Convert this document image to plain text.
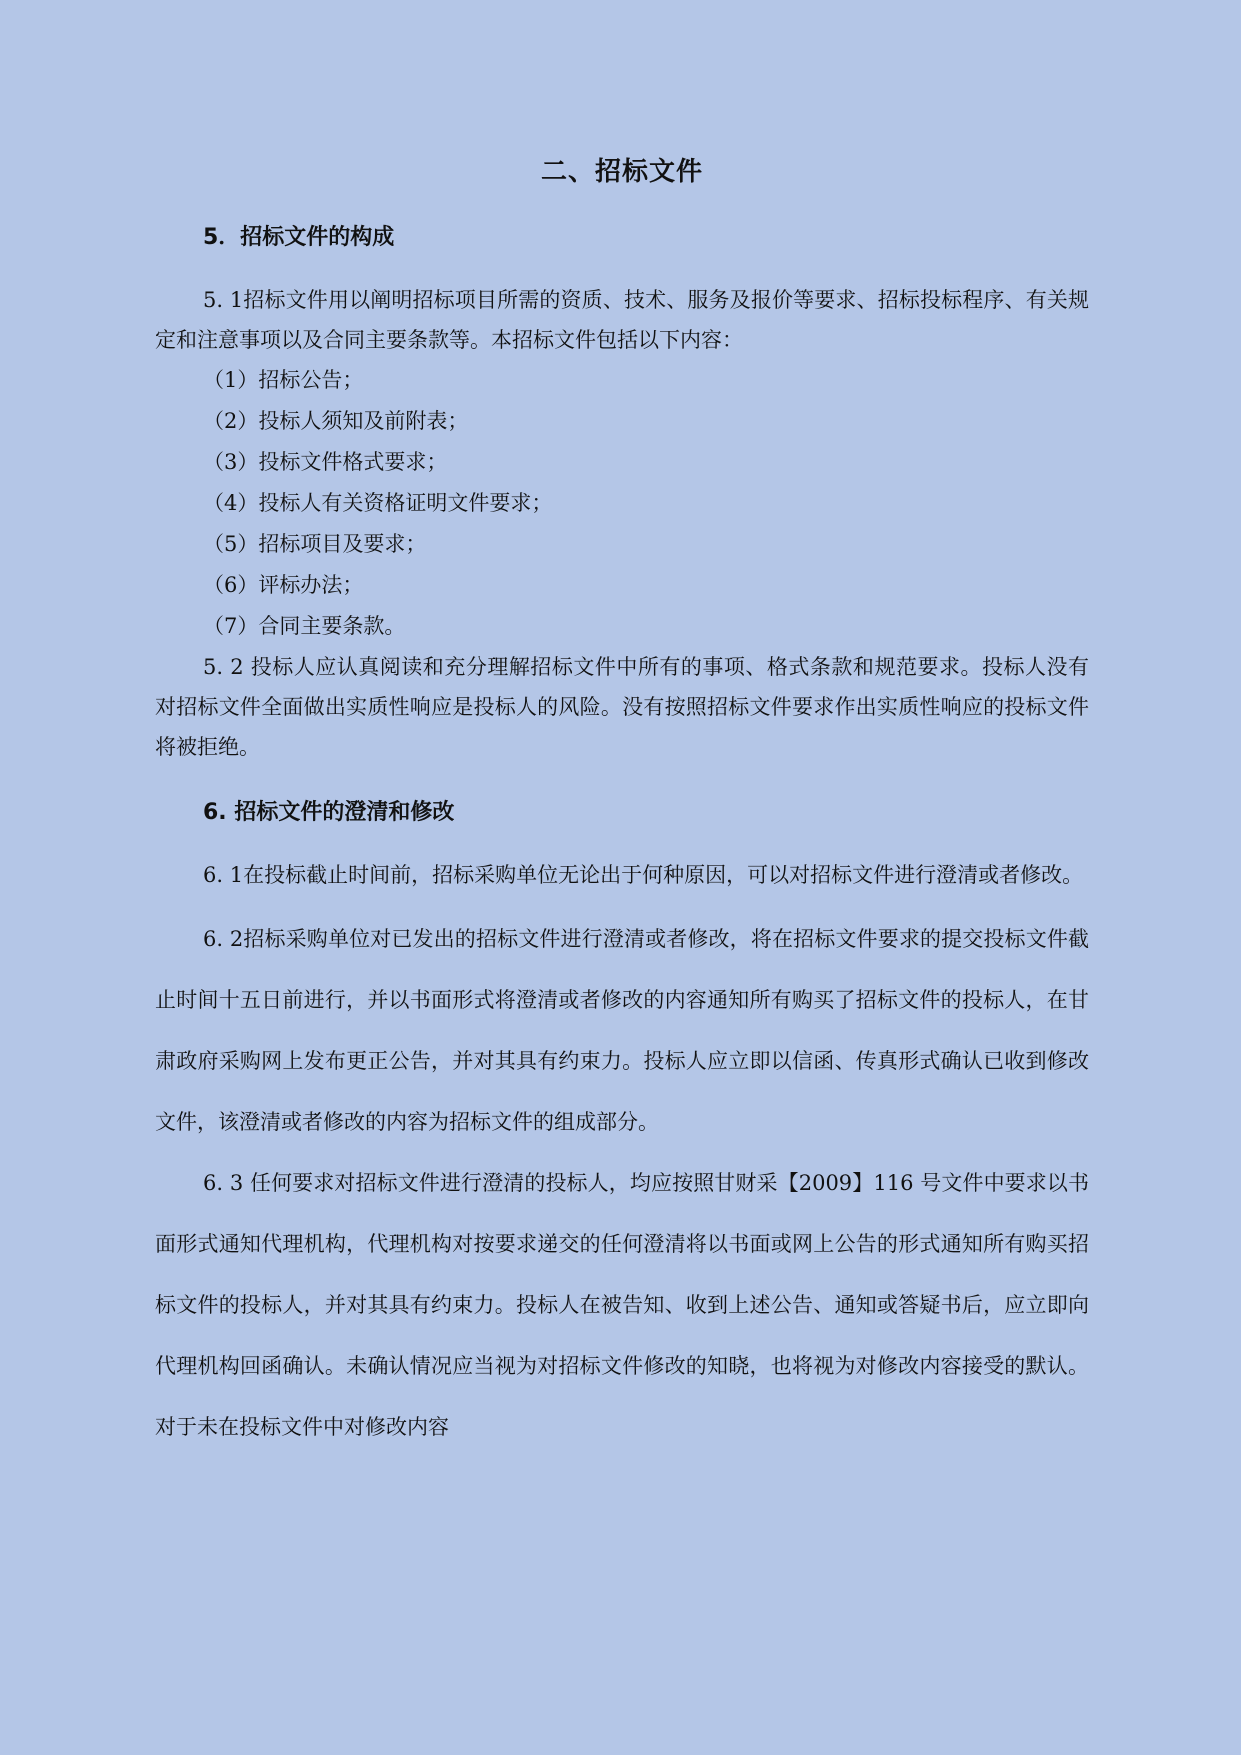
二、招标文件
5．招标文件的构成

5. 1招标文件用以阐明招标项目所需的资质、技术、服务及报价等要求、招标投标程序、有关规定和注意事项以及合同主要条款等。本招标文件包括以下内容：

（1）招标公告；
（2）投标人须知及前附表；
（3）投标文件格式要求；
（4）投标人有关资格证明文件要求；
（5）招标项目及要求；
（6）评标办法；
（7）合同主要条款。

5. 2 投标人应认真阅读和充分理解招标文件中所有的事项、格式条款和规范要求。投标人没有对招标文件全面做出实质性响应是投标人的风险。没有按照招标文件要求作出实质性响应的投标文件将被拒绝。

6. 招标文件的澄清和修改

6. 1在投标截止时间前，招标采购单位无论出于何种原因，可以对招标文件进行澄清或者修改。

6. 2招标采购单位对已发出的招标文件进行澄清或者修改，将在招标文件要求的提交投标文件截止时间十五日前进行，并以书面形式将澄清或者修改的内容通知所有购买了招标文件的投标人，在甘肃政府采购网上发布更正公告，并对其具有约束力。投标人应立即以信函、传真形式确认已收到修改文件，该澄清或者修改的内容为招标文件的组成部分。

6. 3 任何要求对招标文件进行澄清的投标人，均应按照甘财采【2009】116 号文件中要求以书面形式通知代理机构，代理机构对按要求递交的任何澄清将以书面或网上公告的形式通知所有购买招标文件的投标人，并对其具有约束力。投标人在被告知、收到上述公告、通知或答疑书后，应立即向代理机构回函确认。未确认情况应当视为对招标文件修改的知晓，也将视为对修改内容接受的默认。对于未在投标文件中对修改内容
